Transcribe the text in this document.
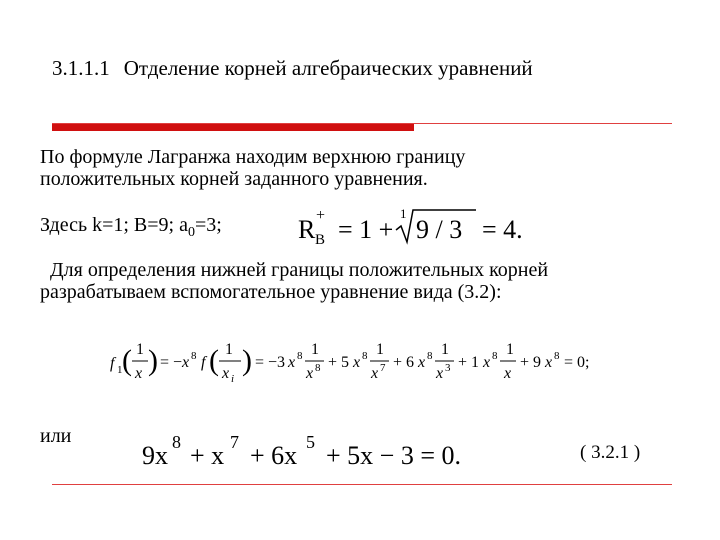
3.1.1.1 Отделение корней алгебраических уравнений
По формуле Лагранжа находим верхнюю границу
положительных корней заданного уравнения.
Здесь k=1; B=9; $a_0=3$;	R +
B = 1 +
1
9 / 3 = 4.
Для определения нижней границы положительных корней
разрабатываем вспомогательное уравнение вида (3.2):
f 1 ( 1
x ) = − x 8 f ( 1
x i
) = −3 x 8 1
x 8 + 5 x 8 1
x 7 + 6 x 8 1
x 3 + 1 x 8 1
x
+ 9 x 8 = 0;
или
9x 8 + x 7 + 6x 5 + 5x − 3 = 0.	( 3.2.1 )
